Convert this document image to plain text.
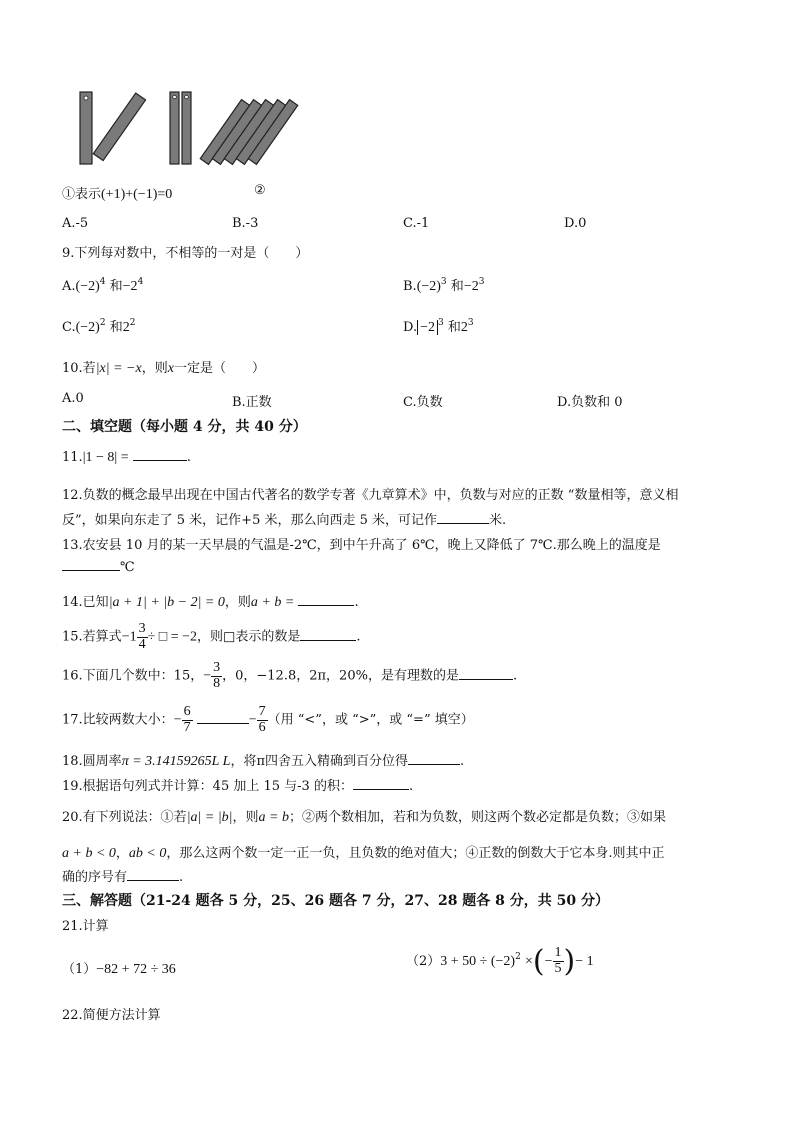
①表示(+1)+(−1)=0	②
A.-5	B.-3	C.-1	D.0
9.下列每对数中，不相等的一对是（　　）
$A.(-2)^4$ 和$-2^4$	$B.(-2)^3$ 和$-2^3$
$C.(-2)^2$ 和$2^2$	D. −2 $^3$ 和$2^3$
10.若|x| = −x，则x一定是（　　）
A.0	B.正数	C.负数	D.负数和 0
二、填空题（每小题 4 分，共 40 分）
11.|1 − 8| =	.
12.负数的概念最早出现在中国古代著名的数学专著《九章算术》中，负数与对应的正数 “数量相等，意义相
反”，如果向东走了 5 米，记作+5 米，那么向西走 5 米，可记作	米.
13.农安县 10 月的某一天早晨的气温是-2℃，到中午升高了 6℃，晚上又降低了 7℃.那么晚上的温度是
℃
14.已知|a + 1| + |b − 2| = 0，则a + b =	.
15.若算式$-1 \frac{3}{4}$ ÷ □ = −2，则□表示的数是	.
16.下面几个数中：15，− $\frac{3}{8}$ ，0，−12.8，2π，20%，是有理数的是	.
17.比较两数大小：− $\frac{6}{7}$	− $\frac{7}{6}$ （用 “<”，或 “>”，或 “=” 填空）
18.圆周率π = 3.14159265L L，将π四舍五入精确到百分位得	.
19.根据语句列式并计算：45 加上 15 与-3 的积：	.
20.有下列说法：①若|a| = |b|，则a = b；②两个数相加，若和为负数，则这两个数必定都是负数；③如果
a + b < 0，ab < 0，那么这两个数一定一正一负，且负数的绝对值大；④正数的倒数大于它本身.则其中正
确的序号有	.
三、解答题（21-24 题各 5 分，25、26 题各 7 分，27、28 题各 8 分，共 50 分）
21.计算
（1）−82 + 72 ÷ 36
$(2)3 + 50 \div (-2)^2$ ×(− $\frac{1}{5}$ )− 1
22.简便方法计算
